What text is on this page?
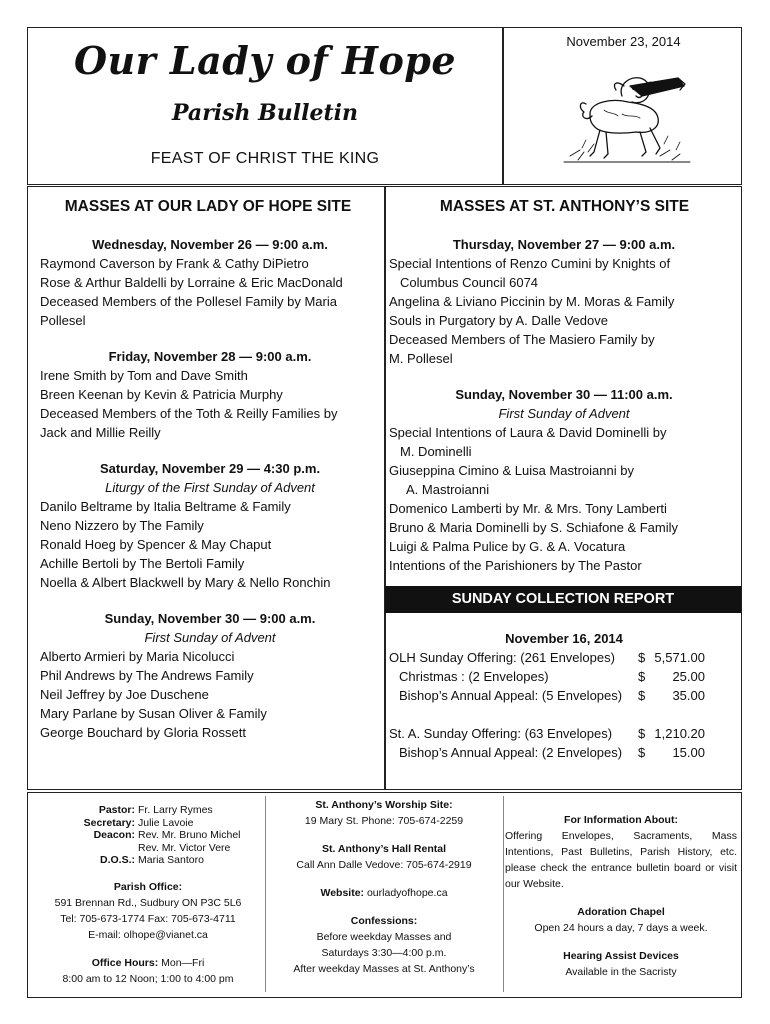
Our Lady of Hope
Parish Bulletin
FEAST OF CHRIST THE KING
November 23, 2014
MASSES AT OUR LADY OF HOPE SITE	MASSES AT ST. ANTHONY’S SITE
Wednesday, November 26 — 9:00 a.m.
Raymond Caverson by Frank & Cathy DiPietro
Rose & Arthur Baldelli by Lorraine & Eric MacDonald
Deceased Members of the Pollesel Family by Maria
Pollesel
Friday, November 28 — 9:00 a.m.
Irene Smith by Tom and Dave Smith
Breen Keenan by Kevin & Patricia Murphy
Deceased Members of the Toth & Reilly Families by
Jack and Millie Reilly
Saturday, November 29 — 4:30 p.m.
Liturgy of the First Sunday of Advent
Danilo Beltrame by Italia Beltrame & Family
Neno Nizzero by The Family
Ronald Hoeg by Spencer & May Chaput
Achille Bertoli by The Bertoli Family
Noella & Albert Blackwell by Mary & Nello Ronchin
Sunday, November 30 — 9:00 a.m.
First Sunday of Advent
Alberto Armieri by Maria Nicolucci
Phil Andrews by The Andrews Family
Neil Jeffrey by Joe Duschene
Mary Parlane by Susan Oliver & Family
George Bouchard by Gloria Rossett
Thursday, November 27 — 9:00 a.m.
Special Intentions of Renzo Cumini by Knights of
Columbus Council 6074
Angelina & Liviano Piccinin by M. Moras & Family
Souls in Purgatory by A. Dalle Vedove
Deceased Members of The Masiero Family by
M. Pollesel
Sunday, November 30 — 11:00 a.m.
First Sunday of Advent
Special Intentions of Laura & David Dominelli by
M. Dominelli
Giuseppina Cimino & Luisa Mastroianni by
A. Mastroianni
Domenico Lamberti by Mr. & Mrs. Tony Lamberti
Bruno & Maria Dominelli by S. Schiafone & Family
Luigi & Palma Pulice by G. & A. Vocatura
Intentions of the Parishioners by The Pastor
SUNDAY COLLECTION REPORT
November 16, 2014
OLH Sunday Offering: (261 Envelopes) $ 5,571.00
Christmas : (2 Envelopes)	$ 25.00
Bishop’s Annual Appeal: (5 Envelopes) $ 35.00
St. A. Sunday Offering: (63 Envelopes) $ 1,210.20
Bishop’s Annual Appeal: (2 Envelopes) $ 15.00
Pastor: Fr. Larry Rymes
Secretary: Julie Lavoie
Deacon: Rev. Mr. Bruno Michel
Rev. Mr. Victor Vere
D.O.S.: Maria Santoro
Parish Office:
591 Brennan Rd., Sudbury ON P3C 5L6
Tel: 705-673-1774 Fax: 705-673-4711
E-mail: olhope@vianet.ca
Office Hours: Mon—Fri
8:00 am to 12 Noon; 1:00 to 4:00 pm
St. Anthony’s Worship Site:
19 Mary St. Phone: 705-674-2259
St. Anthony’s Hall Rental
Call Ann Dalle Vedove: 705-674-2919
Website: ourladyofhope.ca
Confessions:
Before weekday Masses and
Saturdays 3:30—4:00 p.m.
After weekday Masses at St. Anthony’s
For Information About:
Offering Envelopes, Sacraments, Mass Intentions, Past Bulletins, Parish History, etc. please check the entrance bulletin board or visit our Website.
Adoration Chapel
Open 24 hours a day, 7 days a week.
Hearing Assist Devices
Available in the Sacristy
